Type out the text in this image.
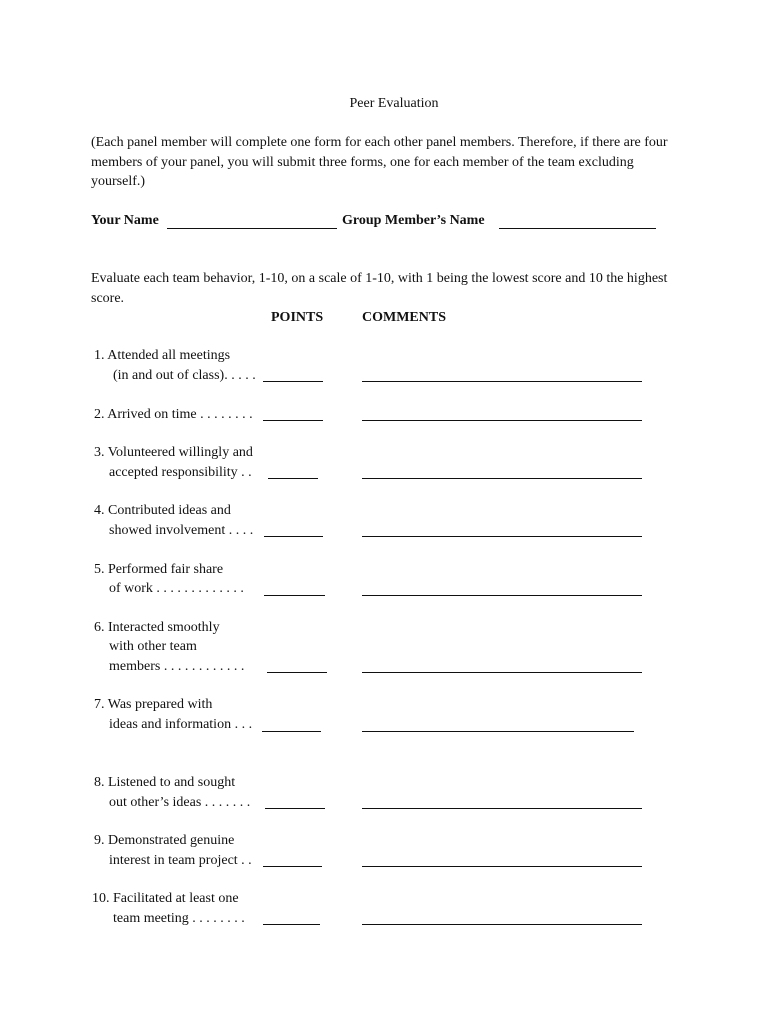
Peer Evaluation
(Each panel member will complete one form for each other panel members. Therefore, if there are four members of your panel, you will submit three forms, one for each member of the team excluding yourself.)
Your Name	Group Member’s Name
Evaluate each team behavior, 1-10, on a scale of 1-10, with 1 being the lowest score and 10 the highest score.
POINTS	COMMENTS
1. Attended all meetings
(in and out of class). . . . .
2. Arrived on time . . . . . . . .
3. Volunteered willingly and
accepted responsibility . .
4. Contributed ideas and
showed involvement . . . .
5. Performed fair share
of work . . . . . . . . . . . . .
6. Interacted smoothly
with other team
members . . . . . . . . . . . .
7. Was prepared with
ideas and information . . .
8. Listened to and sought
out other’s ideas . . . . . . .
9. Demonstrated genuine
interest in team project . .
10. Facilitated at least one
team meeting . . . . . . . .
